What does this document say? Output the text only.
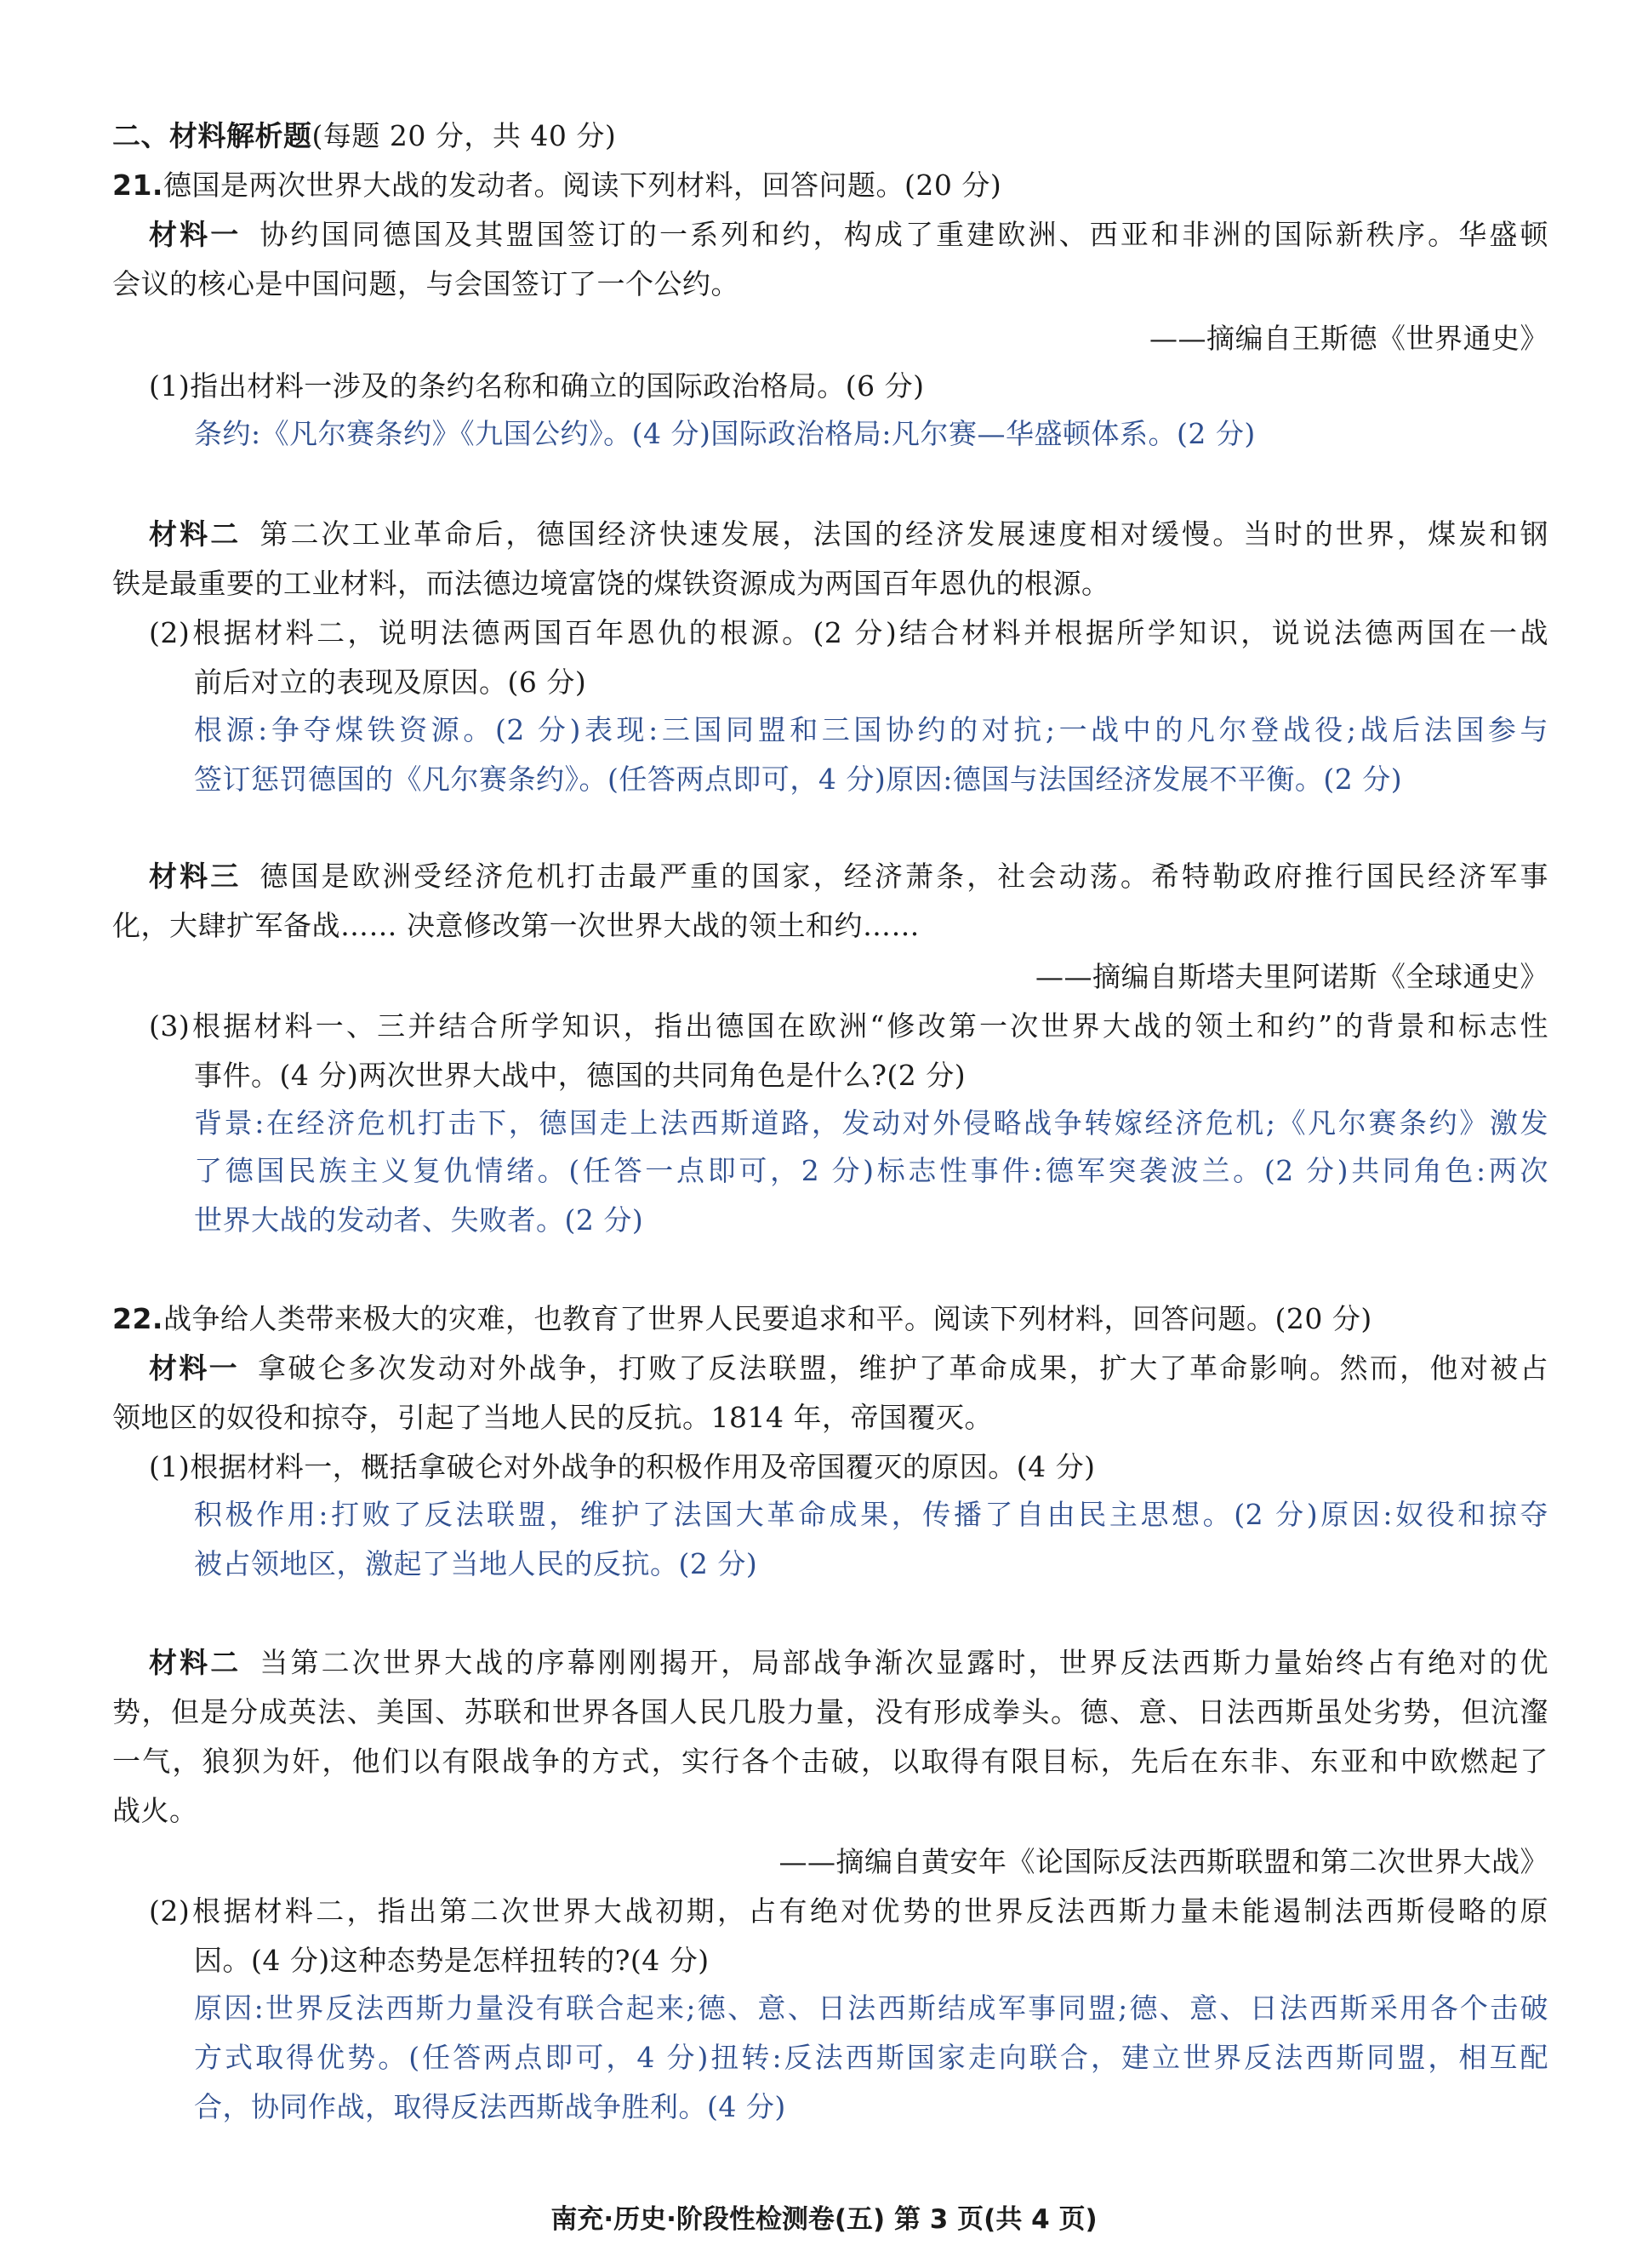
二、材料解析题(每题 20 分，共 40 分)
21.德国是两次世界大战的发动者。阅读下列材料，回答问题。(20 分)
材料一 协约国同德国及其盟国签订的一系列和约，构成了重建欧洲、西亚和非洲的国际新秩序。华盛顿
会议的核心是中国问题，与会国签订了一个公约。
——摘编自王斯德《世界通史》
(1)指出材料一涉及的条约名称和确立的国际政治格局。(6 分)
条约:《凡尔赛条约》《九国公约》。(4 分)国际政治格局:凡尔赛—华盛顿体系。(2 分)
材料二 第二次工业革命后，德国经济快速发展，法国的经济发展速度相对缓慢。当时的世界，煤炭和钢
铁是最重要的工业材料，而法德边境富饶的煤铁资源成为两国百年恩仇的根源。
(2)根据材料二，说明法德两国百年恩仇的根源。(2 分)结合材料并根据所学知识，说说法德两国在一战
前后对立的表现及原因。(6 分)
根源:争夺煤铁资源。(2 分)表现:三国同盟和三国协约的对抗;一战中的凡尔登战役;战后法国参与
签订惩罚德国的《凡尔赛条约》。(任答两点即可，4 分)原因:德国与法国经济发展不平衡。(2 分)
材料三 德国是欧洲受经济危机打击最严重的国家，经济萧条，社会动荡。希特勒政府推行国民经济军事
化，大肆扩军备战…… 决意修改第一次世界大战的领土和约……
——摘编自斯塔夫里阿诺斯《全球通史》
(3)根据材料一、三并结合所学知识，指出德国在欧洲“修改第一次世界大战的领土和约”的背景和标志性
事件。(4 分)两次世界大战中，德国的共同角色是什么?(2 分)
背景:在经济危机打击下，德国走上法西斯道路，发动对外侵略战争转嫁经济危机;《凡尔赛条约》激发
了德国民族主义复仇情绪。(任答一点即可，2 分)标志性事件:德军突袭波兰。(2 分)共同角色:两次
世界大战的发动者、失败者。(2 分)
22.战争给人类带来极大的灾难，也教育了世界人民要追求和平。阅读下列材料，回答问题。(20 分)
材料一 拿破仑多次发动对外战争，打败了反法联盟，维护了革命成果，扩大了革命影响。然而，他对被占
领地区的奴役和掠夺，引起了当地人民的反抗。1814 年，帝国覆灭。
(1)根据材料一，概括拿破仑对外战争的积极作用及帝国覆灭的原因。(4 分)
积极作用:打败了反法联盟，维护了法国大革命成果，传播了自由民主思想。(2 分)原因:奴役和掠夺
被占领地区，激起了当地人民的反抗。(2 分)
材料二 当第二次世界大战的序幕刚刚揭开，局部战争渐次显露时，世界反法西斯力量始终占有绝对的优
势，但是分成英法、美国、苏联和世界各国人民几股力量，没有形成拳头。德、意、日法西斯虽处劣势，但沆瀣
一气，狼狈为奸，他们以有限战争的方式，实行各个击破，以取得有限目标，先后在东非、东亚和中欧燃起了
战火。
——摘编自黄安年《论国际反法西斯联盟和第二次世界大战》
(2)根据材料二，指出第二次世界大战初期，占有绝对优势的世界反法西斯力量未能遏制法西斯侵略的原
因。(4 分)这种态势是怎样扭转的?(4 分)
原因:世界反法西斯力量没有联合起来;德、意、日法西斯结成军事同盟;德、意、日法西斯采用各个击破
方式取得优势。(任答两点即可，4 分)扭转:反法西斯国家走向联合，建立世界反法西斯同盟，相互配
合，协同作战，取得反法西斯战争胜利。(4 分)
南充·历史·阶段性检测卷(五) 第 3 页(共 4 页)
